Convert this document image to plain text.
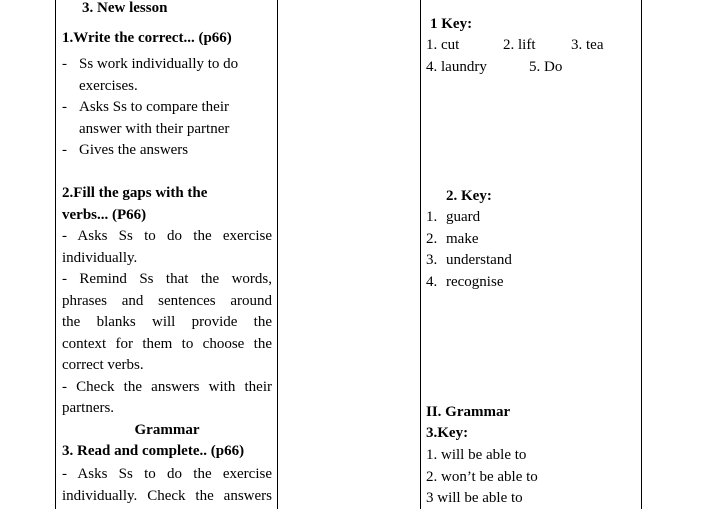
3. New lesson
1.Write the correct... (p66)
- Ss work individually to do
exercises.
- Asks Ss to compare their
answer with their partner
- Gives the answers
2.Fill the gaps with the
verbs... (P66)
- Asks Ss to do the exercise
individually.
- Remind Ss that the words,
phrases and sentences around
the blanks will provide the
context for them to choose the
correct verbs.
- Check the answers with their
partners.
Grammar
3. Read and complete.. (p66)
- Asks Ss to do the exercise
individually. Check the answers
1 Key:
1. cut	2. lift 3. tea
4. laundry	5. Do
2. Key:
1. guard
2. make
3. understand
4. recognise
II. Grammar
3.Key:
1. will be able to
2. won’t be able to
3 will be able to
